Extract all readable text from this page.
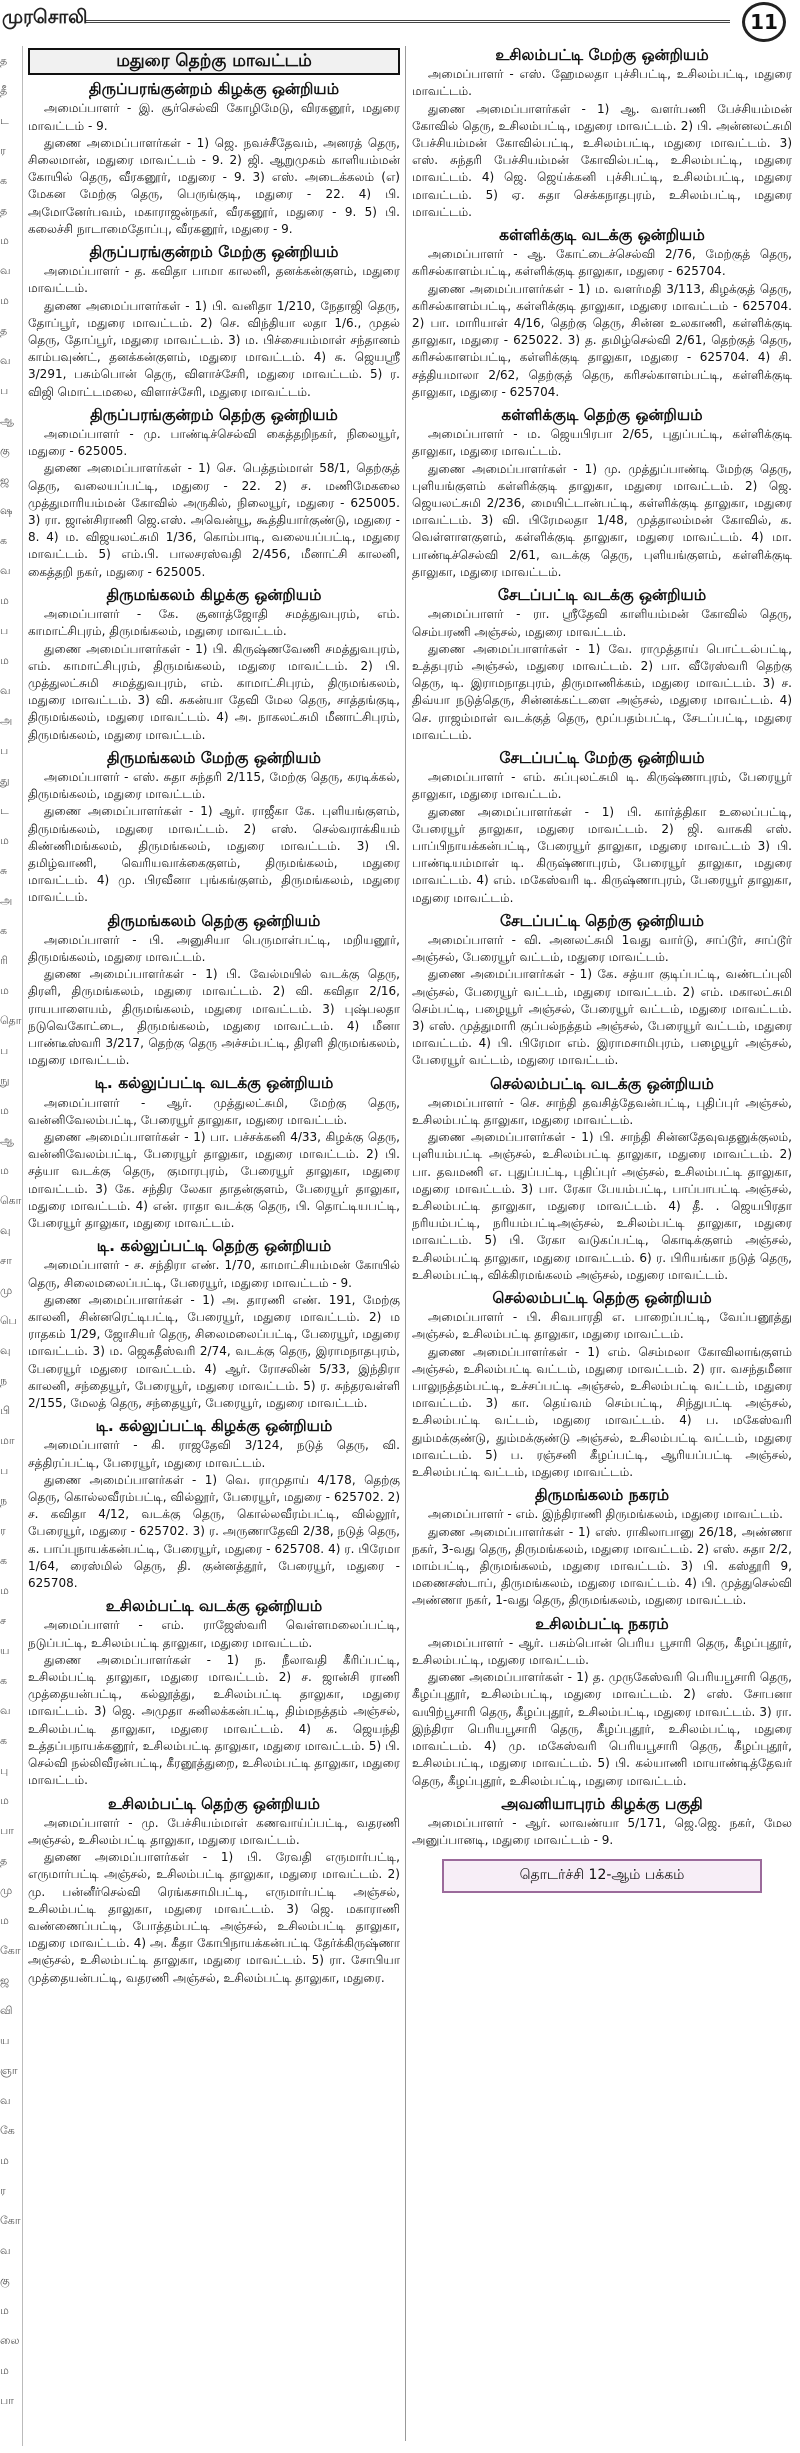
முரசொலி	11
த
தீ
ட
ர
க
த
ம
வ
ம
த
வ
ப
ஆ
கு
ஜ
ஷ
க
வ
ம
ப
ம
வ
அ
ப
து
ட
ம
சு
அ
க
ரி
ம
தொ
ப
நு
ம
ஆ
ம
கொ
வு
சா
மு
பெ
வு
ந
பி
மா
ப
ந
ர
க
ம
ச
ய
க
வ
க
பு
ம
பா
த
மு
ம
கோ
ஜ
வி
ய
ஞா
வ
கே
ம
ர
கோ
வ
கு
ம
லை
ம
பா
மதுரை தெற்கு மாவட்டம்
திருப்பரங்குன்றம் கிழக்கு ஒன்றியம்

அமைப்பாளர் - இ. சூர்செல்வி கோழிமேடு, விரகனூர், மதுரை மாவட்டம் - 9.

துணை அமைப்பாளர்கள் - 1) ஜெ. நவச்சீதேவம், அனரத் தெரு, சிலைமான், மதுரை மாவட்டம் - 9. 2) ஜி. ஆறுமுகம் காளியம்மன் கோயில் தெரு, வீரகனூர், மதுரை - 9. 3) எஸ். அடைக்கலம் (எ) மேகன மேற்கு தெரு, பெருங்குடி, மதுரை - 22. 4) பி. அமோனேர்பவம், மகாராஜன்நகர், வீரகனூர், மதுரை - 9. 5) பி. கலைச்சி நாடாமைதோப்பு, வீரகனூர், மதுரை - 9.

திருப்பரங்குன்றம் மேற்கு ஒன்றியம்

அமைப்பாளர் - த. கவிதா பாமா காலனி, தனக்கன்குளம், மதுரை மாவட்டம்.

துணை அமைப்பாளர்கள் - 1) பி. வனிதா 1/210, நேதாஜி தெரு, தோப்பூர், மதுரை மாவட்டம். 2) செ. விந்தியா லதா 1/6., முதல் தெரு, தோப்பூர், மதுரை மாவட்டம். 3) ம. பிச்சையம்மாள் சந்தானம் காம்பவுண்ட், தனக்கன்குளம், மதுரை மாவட்டம். 4) சு. ஜெயஸ்ரீ 3/291, பசும்பொன் தெரு, விளாச்சேரி, மதுரை மாவட்டம். 5) ர. விஜி மொட்டமலை, விளாச்சேரி, மதுரை மாவட்டம்.

திருப்பரங்குன்றம் தெற்கு ஒன்றியம்

அமைப்பாளர் - மு. பாண்டிச்செல்வி கைத்தறிநகர், நிலையூர், மதுரை - 625005.

துணை அமைப்பாளர்கள் - 1) செ. பெத்தம்மாள் 58/1, தெற்குத் தெரு, வலையப்பட்டி, மதுரை - 22. 2) ச. மணிமேகலை முத்துமாரியம்மன் கோவில் அருகில், நிலையூர், மதுரை - 625005. 3) ரா. ஜான்சிராணி ஜெ.எஸ். அவென்யூ, கூத்தியார்குண்டு, மதுரை - 8. 4) ம. விஜயலட்சுமி 1/36, கொம்பாடி, வலையப்பட்டி, மதுரை மாவட்டம். 5) எம்.பி. பாலசரஸ்வதி 2/456, மீனாட்சி காலனி, கைத்தறி நகர், மதுரை - 625005.

திருமங்கலம் கிழக்கு ஒன்றியம்

அமைப்பாளர் - கே. சூனாத்ஜோதி சமத்துவபுரம், எம். காமாட்சிபுரம், திருமங்கலம், மதுரை மாவட்டம்.

துணை அமைப்பாளர்கள் - 1) பி. கிருஷ்ணவேணி சமத்துவபுரம், எம். காமாட்சிபுரம், திருமங்கலம், மதுரை மாவட்டம். 2) பி. முத்துலட்சுமி சமத்துவபுரம், எம். காமாட்சிபுரம், திருமங்கலம், மதுரை மாவட்டம். 3) வி. சுகன்யா தேவி மேல தெரு, சாத்தங்குடி, திருமங்கலம், மதுரை மாவட்டம். 4) அ. நாகலட்சுமி மீனாட்சிபுரம், திருமங்கலம், மதுரை மாவட்டம்.

திருமங்கலம் மேற்கு ஒன்றியம்

அமைப்பாளர் - எஸ். சுதா சுந்தரி 2/115, மேற்கு தெரு, கரடிக்கல், திருமங்கலம், மதுரை மாவட்டம்.

துணை அமைப்பாளர்கள் - 1) ஆர். ராஜீகா கே. புளியங்குளம், திருமங்கலம், மதுரை மாவட்டம். 2) எஸ். செல்வராக்கியம் கிண்ணிமங்கலம், திருமங்கலம், மதுரை மாவட்டம். 3) பி. தமிழ்வாணி, வெரியவாக்கைகுளம், திருமங்கலம், மதுரை மாவட்டம். 4) மு. பிரவீனா புங்கங்குளம், திருமங்கலம், மதுரை மாவட்டம்.

திருமங்கலம் தெற்கு ஒன்றியம்

அமைப்பாளர் - பி. அனுசியா பெருமாள்பட்டி, மறியனூர், திருமங்கலம், மதுரை மாவட்டம்.

துணை அமைப்பாளர்கள் - 1) பி. வேல்மயில் வடக்கு தெரு, திரளி, திருமங்கலம், மதுரை மாவட்டம். 2) வி. கவிதா 2/16, ராயபாளையம், திருமங்கலம், மதுரை மாவட்டம். 3) புஷ்பலதா நடுவெகோட்டை, திருமங்கலம், மதுரை மாவட்டம். 4) மீனா பாண்டீஸ்வரி 3/217, தெற்கு தெரு அச்சம்பட்டி, திரளி திருமங்கலம், மதுரை மாவட்டம்.

டி. கல்லுப்பட்டி வடக்கு ஒன்றியம்

அமைப்பாளர் - ஆர். முத்துலட்சுமி, மேற்கு தெரு, வன்னிவேலம்பட்டி, பேரையூர் தாலுகா, மதுரை மாவட்டம்.

துணை அமைப்பாளர்கள் - 1) பா. பச்சக்கனி 4/33, கிழக்கு தெரு, வன்னிவேலம்பட்டி, பேரையூர் தாலுகா, மதுரை மாவட்டம். 2) பி. சத்யா வடக்கு தெரு, குமாரபுரம், பேரையூர் தாலுகா, மதுரை மாவட்டம். 3) கே. சந்திர லேகா தாதன்குளம், பேரையூர் தாலுகா, மதுரை மாவட்டம். 4) என். ராதா வடக்கு தெரு, பி. தொட்டியபட்டி, பேரையூர் தாலுகா, மதுரை மாவட்டம்.

டி. கல்லுப்பட்டி தெற்கு ஒன்றியம்

அமைப்பாளர் - ச. சந்திரா எண். 1/70, காமாட்சியம்மன் கோயில் தெரு, சிலைமலைப்பட்டி, பேரையூர், மதுரை மாவட்டம் - 9.

துணை அமைப்பாளர்கள் - 1) அ. தாரணி எண். 191, மேற்கு காலனி, சின்னரெட்டிபட்டி, பேரையூர், மதுரை மாவட்டம். 2) ம ராதகம் 1/29, ஜோசியர் தெரு, சிலைமலைப்பட்டி, பேரையூர், மதுரை மாவட்டம். 3) ம. ஜெகதீஸ்வரி 2/74, வடக்கு தெரு, இராமநாதபுரம், பேரையூர் மதுரை மாவட்டம். 4) ஆர். ரோசலின் 5/33, இந்திரா காலனி, சந்தையூர், பேரையூர், மதுரை மாவட்டம். 5) ர. சுந்தரவள்ளி 2/155, மேலத் தெரு, சந்தையூர், பேரையூர், மதுரை மாவட்டம்.

டி. கல்லுப்பட்டி கிழக்கு ஒன்றியம்

அமைப்பாளர் - கி. ராஜதேவி 3/124, நடுத் தெரு, வி. சத்திரப்பட்டி, பேரையூர், மதுரை மாவட்டம்.

துணை அமைப்பாளர்கள் - 1) வெ. ராமுதாய் 4/178, தெற்கு தெரு, கொல்லவீரம்பட்டி, வில்லூர், பேரையூர், மதுரை - 625702. 2) ச. கவிதா 4/12, வடக்கு தெரு, கொல்லவீரம்பட்டி, வில்லூர், பேரையூர், மதுரை - 625702. 3) ர. அருணாதேவி 2/38, நடுத் தெரு, க. பாப்புநாயக்கன்பட்டி, பேரையூர், மதுரை - 625708. 4) ர. பிரேமா 1/64, ரைஸ்மில் தெரு, தி. குன்னத்தூர், பேரையூர், மதுரை - 625708.

உசிலம்பட்டி வடக்கு ஒன்றியம்

அமைப்பாளர் - எம். ராஜேஸ்வரி வெள்ளமலைப்பட்டி, நடுப்பட்டி, உசிலம்பட்டி தாலுகா, மதுரை மாவட்டம்.

துணை அமைப்பாளர்கள் - 1) ந. நீலாவதி கீரிப்பட்டி, உசிலம்பட்டி தாலுகா, மதுரை மாவட்டம். 2) ச. ஜான்சி ராணி முத்தையன்பட்டி, கல்லூத்து, உசிலம்பட்டி தாலுகா, மதுரை மாவட்டம். 3) ஜெ. அமுதா சுனிலக்கன்பட்டி, திம்மநத்தம் அஞ்சல், உசிலம்பட்டி தாலுகா, மதுரை மாவட்டம். 4) க. ஜெயந்தி உத்தப்பநாயக்கனூர், உசிலம்பட்டி தாலுகா, மதுரை மாவட்டம். 5) பி. செல்வி நல்லிவீரன்பட்டி, கீரனூத்துறை, உசிலம்பட்டி தாலுகா, மதுரை மாவட்டம்.

உசிலம்பட்டி தெற்கு ஒன்றியம்

அமைப்பாளர் - மு. பேச்சியம்மாள் கணவாய்ப்பட்டி, வதரணி அஞ்சல், உசிலம்பட்டி தாலுகா, மதுரை மாவட்டம்.

துணை அமைப்பாளர்கள் - 1) பி. ரேவதி எருமார்பட்டி, எருமார்பட்டி அஞ்சல், உசிலம்பட்டி தாலுகா, மதுரை மாவட்டம். 2) மு. பன்னீர்செல்வி ரெங்கசாமிபட்டி, எருமார்பட்டி அஞ்சல், உசிலம்பட்டி தாலுகா, மதுரை மாவட்டம். 3) ஜெ. மகாராணி வண்ணைப்பட்டி, போத்தம்பட்டி அஞ்சல், உசிலம்பட்டி தாலுகா, மதுரை மாவட்டம். 4) அ. கீதா கோபிநாயக்கன்பட்டி தேர்க்கிருஷ்ணா அஞ்சல், உசிலம்பட்டி தாலுகா, மதுரை மாவட்டம். 5) ரா. சோபியா முத்தையன்பட்டி, வதரணி அஞ்சல், உசிலம்பட்டி தாலுகா, மதுரை.

உசிலம்பட்டி மேற்கு ஒன்றியம்

அமைப்பாளர் - எஸ். ஹேமலதா புச்சிபட்டி, உசிலம்பட்டி, மதுரை மாவட்டம்.

துணை அமைப்பாளர்கள் - 1) ஆ. வளர்பணி பேச்சியம்மன் கோவில் தெரு, உசிலம்பட்டி, மதுரை மாவட்டம். 2) பி. அன்னலட்சுமி பேச்சியம்மன் கோவில்பட்டி, உசிலம்பட்டி, மதுரை மாவட்டம். 3) எஸ். சுந்தரி பேச்சியம்மன் கோவில்பட்டி, உசிலம்பட்டி, மதுரை மாவட்டம். 4) ஜெ. ஜெய்க்கனி புச்சிபட்டி, உசிலம்பட்டி, மதுரை மாவட்டம். 5) ஏ. சுதா செக்கநாதபுரம், உசிலம்பட்டி, மதுரை மாவட்டம்.

கள்ளிக்குடி வடக்கு ஒன்றியம்

அமைப்பாளர் - ஆ. கோட்டைச்செல்வி 2/76, மேற்குத் தெரு, கரிசல்காளம்பட்டி, கள்ளிக்குடி தாலுகா, மதுரை - 625704.

துணை அமைப்பாளர்கள் - 1) ம. வளர்மதி 3/113, கிழக்குத் தெரு, கரிசல்காளம்பட்டி, கள்ளிக்குடி தாலுகா, மதுரை மாவட்டம் - 625704. 2) பா. மாரியாள் 4/16, தெற்கு தெரு, சின்ன உலகாணி, கள்ளிக்குடி தாலுகா, மதுரை - 625022. 3) த. தமிழ்செல்வி 2/61, தெற்குத் தெரு, கரிசல்காளம்பட்டி, கள்ளிக்குடி தாலுகா, மதுரை - 625704. 4) சி. சத்தியமாலா 2/62, தெற்குத் தெரு, கரிசல்காளம்பட்டி, கள்ளிக்குடி தாலுகா, மதுரை - 625704.

கள்ளிக்குடி தெற்கு ஒன்றியம்

அமைப்பாளர் - ம. ஜெயபிரபா 2/65, புதுப்பட்டி, கள்ளிக்குடி தாலுகா, மதுரை மாவட்டம்.

துணை அமைப்பாளர்கள் - 1) மு. முத்துப்பாண்டி மேற்கு தெரு, புளியங்குளம் கள்ளிக்குடி தாலுகா, மதுரை மாவட்டம். 2) ஜெ. ஜெயலட்சுமி 2/236, மையிட்டான்பட்டி, கள்ளிக்குடி தாலுகா, மதுரை மாவட்டம். 3) வி. பிரேமலதா 1/48, முத்தாலம்மன் கோவில், க. வெள்ளாளகுளம், கள்ளிக்குடி தாலுகா, மதுரை மாவட்டம். 4) மா. பாண்டிச்செல்வி 2/61, வடக்கு தெரு, புளியங்குளம், கள்ளிக்குடி தாலுகா, மதுரை மாவட்டம்.

சேடப்பட்டி வடக்கு ஒன்றியம்

அமைப்பாளர் - ரா. ஸ்ரீதேவி காளியம்மன் கோவில் தெரு, செம்பரணி அஞ்சல், மதுரை மாவட்டம்.

துணை அமைப்பாளர்கள் - 1) வே. ராமுத்தாய் பொட்டல்பட்டி, உத்தபுரம் அஞ்சல், மதுரை மாவட்டம். 2) பா. வீரேஸ்வரி தெற்கு தெரு, டி. இராமநாதபுரம், திருமாணிக்கம், மதுரை மாவட்டம். 3) ச. திவ்யா நடுத்தெரு, சின்னக்கட்டளை அஞ்சல், மதுரை மாவட்டம். 4) செ. ராஜம்மாள் வடக்குத் தெரு, மூப்பதம்பட்டி, சேடப்பட்டி, மதுரை மாவட்டம்.

சேடப்பட்டி மேற்கு ஒன்றியம்

அமைப்பாளர் - எம். சுப்புலட்சுமி டி. கிருஷ்ணாபுரம், பேரையூர் தாலுகா, மதுரை மாவட்டம்.

துணை அமைப்பாளர்கள் - 1) பி. கார்த்திகா உலைப்பட்டி, பேரையூர் தாலுகா, மதுரை மாவட்டம். 2) ஜி. வாசுகி எஸ். பாப்பிநாயக்கன்பட்டி, பேரையூர் தாலுகா, மதுரை மாவட்டம் 3) பி. பாண்டியம்மாள் டி. கிருஷ்ணாபுரம், பேரையூர் தாலுகா, மதுரை மாவட்டம். 4) எம். மகேஸ்வரி டி. கிருஷ்ணாபுரம், பேரையூர் தாலுகா, மதுரை மாவட்டம்.

சேடப்பட்டி தெற்கு ஒன்றியம்

அமைப்பாளர் - வி. அனலட்சுமி 1வது வார்டு, சாப்டூர், சாப்டூர் அஞ்சல், பேரையூர் வட்டம், மதுரை மாவட்டம்.

துணை அமைப்பாளர்கள் - 1) கே. சத்யா குடிப்பட்டி, வண்டப்புலி அஞ்சல், பேரையூர் வட்டம், மதுரை மாவட்டம். 2) எம். மகாலட்சுமி செம்பட்டி, பழையூர் அஞ்சல், பேரையூர் வட்டம், மதுரை மாவட்டம். 3) எஸ். முத்துமாரி குப்பல்நத்தம் அஞ்சல், பேரையூர் வட்டம், மதுரை மாவட்டம். 4) பி. பிரேமா எம். இராமசாமிபுரம், பழையூர் அஞ்சல், பேரையூர் வட்டம், மதுரை மாவட்டம்.

செல்லம்பட்டி வடக்கு ஒன்றியம்

அமைப்பாளர் - செ. சாந்தி தவசித்தேவன்பட்டி, புதிப்புர் அஞ்சல், உசிலம்பட்டி தாலுகா, மதுரை மாவட்டம்.

துணை அமைப்பாளர்கள் - 1) பி. சாந்தி சின்னதேவுவதனுக்குலம், புளியம்பட்டி அஞ்சல், உசிலம்பட்டி தாலுகா, மதுரை மாவட்டம். 2) பா. தவமணி எ. புதுப்பட்டி, புதிப்புர் அஞ்சல், உசிலம்பட்டி தாலுகா, மதுரை மாவட்டம். 3) பா. ரேகா பேயம்பட்டி, பாப்பாபட்டி அஞ்சல், உசிலம்பட்டி தாலுகா, மதுரை மாவட்டம். 4) தீ. . ஜெயபிரதா நரியம்பட்டி, நரியம்பட்டிஅஞ்சல், உசிலம்பட்டி தாலுகா, மதுரை மாவட்டம். 5) பி. ரேகா வடுகப்பட்டி, கொடிக்குளம் அஞ்சல், உசிலம்பட்டி தாலுகா, மதுரை மாவட்டம். 6) ர. பிரியங்கா நடுத் தெரு, உசிலம்பட்டி, விக்கிரமங்கலம் அஞ்சல், மதுரை மாவட்டம்.

செல்லம்பட்டி தெற்கு ஒன்றியம்

அமைப்பாளர் - பி. சிவபாரதி எ. பாறைப்பட்டி, வேப்பனூத்து அஞ்சல், உசிலம்பட்டி தாலுகா, மதுரை மாவட்டம்.

துணை அமைப்பாளர்கள் - 1) எம். செம்மலா கோவிலாங்குளம் அஞ்சல், உசிலம்பட்டி வட்டம், மதுரை மாவட்டம். 2) ரா. வசந்தமீனா பாலுநத்தம்பட்டி, உச்சப்பட்டி அஞ்சல், உசிலம்பட்டி வட்டம், மதுரை மாவட்டம். 3) கா. தெய்வம் செம்பட்டி, சிந்துபட்டி அஞ்சல், உசிலம்பட்டி வட்டம், மதுரை மாவட்டம். 4) ப. மகேஸ்வரி தும்மக்குண்டு, தும்மக்குண்டு அஞ்சல், உசிலம்பட்டி வட்டம், மதுரை மாவட்டம். 5) ப. ரஞ்சனி கீழப்பட்டி, ஆரியப்பட்டி அஞ்சல், உசிலம்பட்டி வட்டம், மதுரை மாவட்டம்.

திருமங்கலம் நகரம்

அமைப்பாளர் - எம். இந்திராணி திருமங்கலம், மதுரை மாவட்டம்.

துணை அமைப்பாளர்கள் - 1) எஸ். ராகிலாபானு 26/18, அண்ணா நகர், 3-வது தெரு, திருமங்கலம், மதுரை மாவட்டம். 2) எஸ். சுதா 2/2, மாம்பட்டி, திருமங்கலம், மதுரை மாவட்டம். 3) பி. கஸ்தூரி 9, மணைசஸ்டாப், திருமங்கலம், மதுரை மாவட்டம். 4) பி. முத்துசெல்வி அண்ணா நகர், 1-வது தெரு, திருமங்கலம், மதுரை மாவட்டம்.

உசிலம்பட்டி நகரம்

அமைப்பாளர் - ஆர். பசும்பொன் பெரிய பூசாரி தெரு, கீழப்புதூர், உசிலம்பட்டி, மதுரை மாவட்டம்.

துணை அமைப்பாளர்கள் - 1) த. முருகேஸ்வரி பெரியபூசாரி தெரு, கீழப்புதூர், உசிலம்பட்டி, மதுரை மாவட்டம். 2) எஸ். சோபனா வயிற்பூசாரி தெரு, கீழப்புதூர், உசிலம்பட்டி, மதுரை மாவட்டம். 3) ரா. இந்திரா பெரியபூசாரி தெரு, கீழப்புதூர், உசிலம்பட்டி, மதுரை மாவட்டம். 4) மு. மகேஸ்வரி பெரியபூசாரி தெரு, கீழப்புதூர், உசிலம்பட்டி, மதுரை மாவட்டம். 5) பி. கல்யாணி மாயாண்டித்தேவர் தெரு, கீழப்புதூர், உசிலம்பட்டி, மதுரை மாவட்டம்.

அவனியாபுரம் கிழக்கு பகுதி

அமைப்பாளர் - ஆர். லாவண்யா 5/171, ஜெ.ஜெ. நகர், மேல அனுப்பானடி, மதுரை மாவட்டம் - 9.

தொடர்ச்சி 12-ஆம் பக்கம்
